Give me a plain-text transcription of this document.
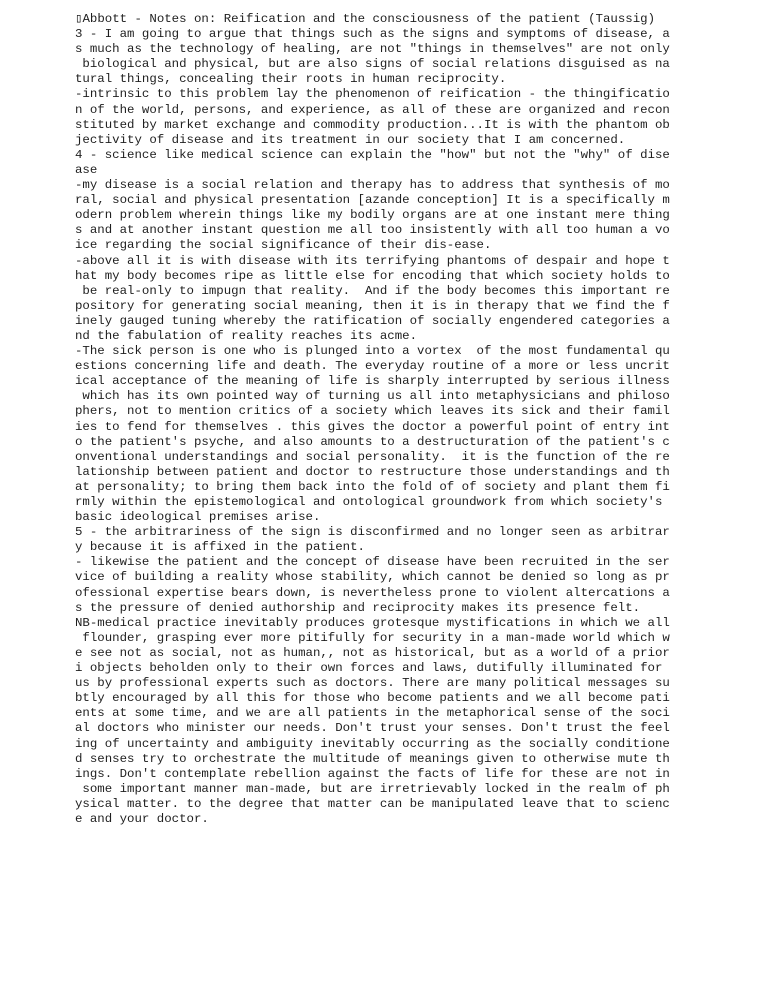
▯Abbott - Notes on: Reification and the consciousness of the patient (Taussig)
3 - I am going to argue that things such as the signs and symptoms of disease, a
s much as the technology of healing, are not "things in themselves" are not only
biological and physical, but are also signs of social relations disguised as na
tural things, concealing their roots in human reciprocity.
-intrinsic to this problem lay the phenomenon of reification - the thingificatio
n of the world, persons, and experience, as all of these are organized and recon
stituted by market exchange and commodity production...It is with the phantom ob
jectivity of disease and its treatment in our society that I am concerned.
4 - science like medical science can explain the "how" but not the "why" of dise
ase
-my disease is a social relation and therapy has to address that synthesis of mo
ral, social and physical presentation [azande conception] It is a specifically m
odern problem wherein things like my bodily organs are at one instant mere thing
s and at another instant question me all too insistently with all too human a vo
ice regarding the social significance of their dis-ease.
-above all it is with disease with its terrifying phantoms of despair and hope t
hat my body becomes ripe as little else for encoding that which society holds to
be real-only to impugn that reality.  And if the body becomes this important re
pository for generating social meaning, then it is in therapy that we find the f
inely gauged tuning whereby the ratification of socially engendered categories a
nd the fabulation of reality reaches its acme.
-The sick person is one who is plunged into a vortex  of the most fundamental qu
estions concerning life and death. The everyday routine of a more or less uncrit
ical acceptance of the meaning of life is sharply interrupted by serious illness
which has its own pointed way of turning us all into metaphysicians and philoso
phers, not to mention critics of a society which leaves its sick and their famil
ies to fend for themselves . this gives the doctor a powerful point of entry int
o the patient's psyche, and also amounts to a destructuration of the patient's c
onventional understandings and social personality.  it is the function of the re
lationship between patient and doctor to restructure those understandings and th
at personality; to bring them back into the fold of of society and plant them fi
rmly within the epistemological and ontological groundwork from which society's
basic ideological premises arise.
5 - the arbitrariness of the sign is disconfirmed and no longer seen as arbitrar
y because it is affixed in the patient.
- likewise the patient and the concept of disease have been recruited in the ser
vice of building a reality whose stability, which cannot be denied so long as pr
ofessional expertise bears down, is nevertheless prone to violent altercations a
s the pressure of denied authorship and reciprocity makes its presence felt.
NB-medical practice inevitably produces grotesque mystifications in which we all
flounder, grasping ever more pitifully for security in a man-made world which w
e see not as social, not as human,, not as historical, but as a world of a prior
i objects beholden only to their own forces and laws, dutifully illuminated for
us by professional experts such as doctors. There are many political messages su
btly encouraged by all this for those who become patients and we all become pati
ents at some time, and we are all patients in the metaphorical sense of the soci
al doctors who minister our needs. Don't trust your senses. Don't trust the feel
ing of uncertainty and ambiguity inevitably occurring as the socially conditione
d senses try to orchestrate the multitude of meanings given to otherwise mute th
ings. Don't contemplate rebellion against the facts of life for these are not in
some important manner man-made, but are irretrievably locked in the realm of ph
ysical matter. to the degree that matter can be manipulated leave that to scienc
e and your doctor.
